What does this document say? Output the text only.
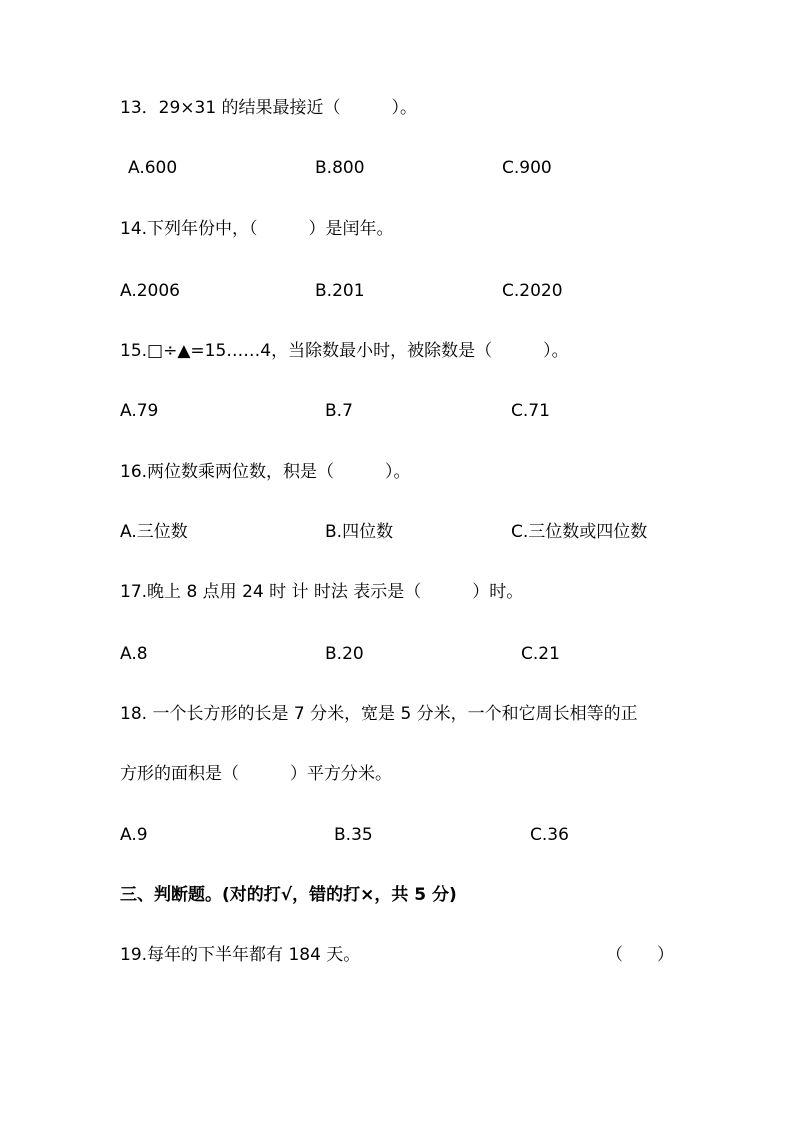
13．29×31 的结果最接近（　　　）。
A.600	B.800	C.900
14.下列年份中，（　　　）是闰年。
A.2006	B.201	C.2020
15.□÷▲=15……4，当除数最小时，被除数是（　　　）。
A.79	B.7	C.71
16.两位数乘两位数，积是（　　　）。
A.三位数	B.四位数	C.三位数或四位数
17.晚上 8 点用 24 时 计 时法 表示是（　　　）时。
A.8	B.20	C.21
18. 一个长方形的长是 7 分米，宽是 5 分米，一个和它周长相等的正
方形的面积是（　　　）平方分米。
A.9	B.35	C.36
三、判断题。(对的打√，错的打×，共 5 分)
19.每年的下半年都有 184 天。	（　　）
